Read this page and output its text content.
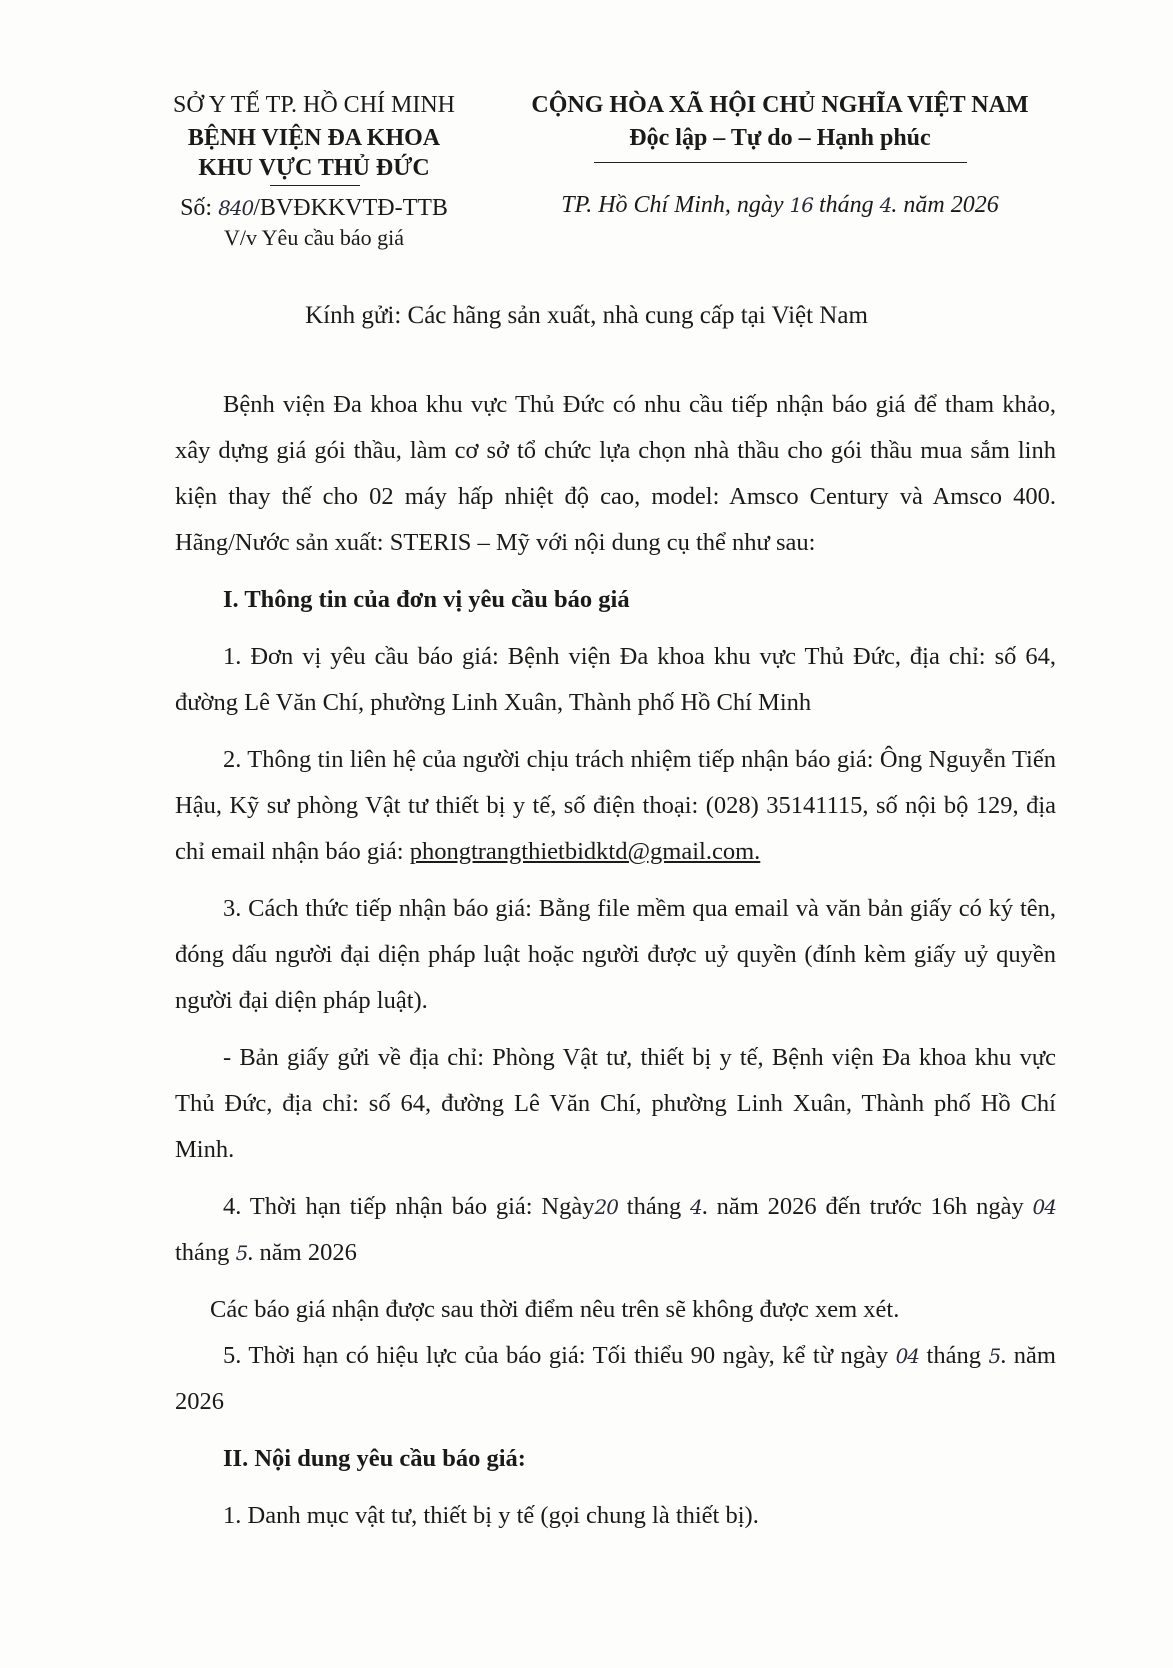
SỞ Y TẾ TP. HỒ CHÍ MINH
BỆNH VIỆN ĐA KHOA
KHU VỰC THỦ ĐỨC
Số: 840/BVĐKKVTĐ-TTB
V/v Yêu cầu báo giá
CỘNG HÒA XÃ HỘI CHỦ NGHĨA VIỆT NAM
Độc lập – Tự do – Hạnh phúc
TP. Hồ Chí Minh, ngày 16 tháng 4. năm 2026
Kính gửi: Các hãng sản xuất, nhà cung cấp tại Việt Nam

Bệnh viện Đa khoa khu vực Thủ Đức có nhu cầu tiếp nhận báo giá để tham khảo, xây dựng giá gói thầu, làm cơ sở tổ chức lựa chọn nhà thầu cho gói thầu mua sắm linh kiện thay thế cho 02 máy hấp nhiệt độ cao, model: Amsco Century và Amsco 400. Hãng/Nước sản xuất: STERIS – Mỹ với nội dung cụ thể như sau:

I. Thông tin của đơn vị yêu cầu báo giá

1. Đơn vị yêu cầu báo giá: Bệnh viện Đa khoa khu vực Thủ Đức, địa chỉ: số 64, đường Lê Văn Chí, phường Linh Xuân, Thành phố Hồ Chí Minh

2. Thông tin liên hệ của người chịu trách nhiệm tiếp nhận báo giá: Ông Nguyễn Tiến Hậu, Kỹ sư phòng Vật tư thiết bị y tế, số điện thoại: (028) 35141115, số nội bộ 129, địa chỉ email nhận báo giá: phongtrangthietbidktd@gmail.com.

3. Cách thức tiếp nhận báo giá: Bằng file mềm qua email và văn bản giấy có ký tên, đóng dấu người đại diện pháp luật hoặc người được uỷ quyền (đính kèm giấy uỷ quyền người đại diện pháp luật).

- Bản giấy gửi về địa chỉ: Phòng Vật tư, thiết bị y tế, Bệnh viện Đa khoa khu vực Thủ Đức, địa chỉ: số 64, đường Lê Văn Chí, phường Linh Xuân, Thành phố Hồ Chí Minh.

4. Thời hạn tiếp nhận báo giá: Ngày20 tháng 4. năm 2026 đến trước 16h ngày 04 tháng 5. năm 2026

Các báo giá nhận được sau thời điểm nêu trên sẽ không được xem xét.

5. Thời hạn có hiệu lực của báo giá: Tối thiểu 90 ngày, kể từ ngày 04 tháng 5. năm 2026

II. Nội dung yêu cầu báo giá:

1. Danh mục vật tư, thiết bị y tế (gọi chung là thiết bị).
